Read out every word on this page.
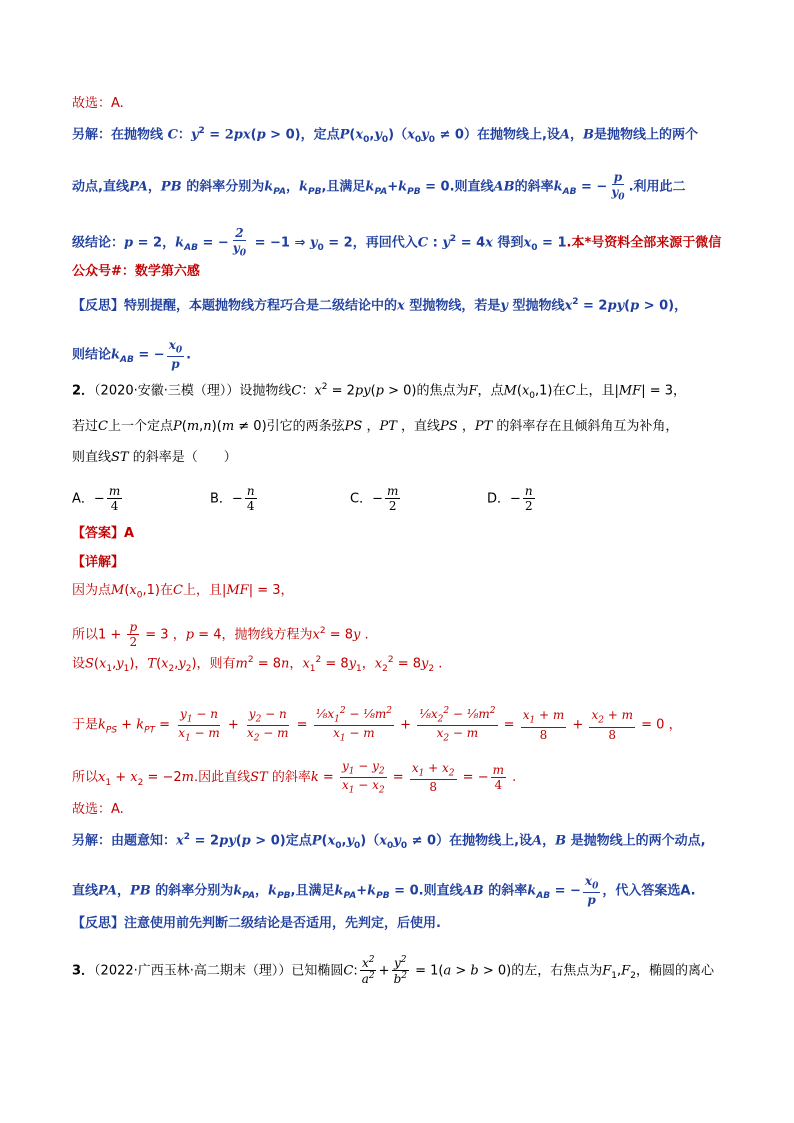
故选：A.
另解：在抛物线 C：$y^2 = 2px(p > 0)$，定点$P(x_0,y_0)(x_0y_0 \ne 0)$在抛物线上,设A，B是抛物线上的两个
动点,直线PA，PB 的斜率分别为$k_{PA}$，$k_{PB}$,且满足$k_{PA}+k_{PB} = 0$.则直线AB的斜率$k_{AB}$ = − $\frac{p}{y_0}$ .利用此二
级结论：p = 2，$k_{AB}$ = − $\frac{2}{y_0} = -1$ ⇒ $y_0 = 2$，再回代入C : $y^2 = 4x$ 得到$x_0 = 1$.本*号资料全部来源于微信
公众号#：数学第六感
【反思】特别提醒，本题抛物线方程巧合是二级结论中的x 型抛物线，若是y 型抛物线$x^2 = 2py(p > 0)$，
则结论$k_{AB}$ = − $\frac{x_0}{p}$ .
2．（2020·安徽·三模（理））设抛物线C：$x^2 = 2py(p > 0)$的焦点为F，点$M(x_0,1)$在C上，且|MF| = 3，
若过C上一个定点P(m,n)(m ≠ 0)引它的两条弦PS ，PT ，直线PS ，PT 的斜率存在且倾斜角互为补角，
则直线ST 的斜率是（　　）
A．− $\frac{m}{4}$	B．− $\frac{n}{4}$	C．− $\frac{m}{2}$	D．− $\frac{n}{2}$
【答案】A
【详解】
因为点$M(x_0,1)$在C上，且|MF| = 3，
所以$1 + \frac{p}{2} = 3$ ，p = 4，抛物线方程为$x^2 = 8y$ .
设$S(x_1,y_1)$，$T(x_2,y_2)$，则有$m^2 = 8n$，$x_1^2 = 8y_1$，$x_2^2 = 8y_2$ .
于是$k_{PS} + k_{PT} = \frac{y_1 - n}{x_1 - m} + \frac{y_2 - n}{x_2 - m} = \frac{\frac{1}{8}x_1^2 - \frac{1}{8}m^2}{x_1 - m} + \frac{\frac{1}{8}x_2^2 - \frac{1}{8}m^2}{x_2 - m} = \frac{x_1 + m}{8} + \frac{x_2 + m}{8} = 0$ ，
所以$x_1 + x_2 = -2m$.因此直线ST 的斜率$k = \frac{y_1 - y_2}{x_1 - x_2} = \frac{x_1 + x_2}{8}$ = − $\frac{m}{4}$ .
故选：A.
另解：由题意知：$x^2 = 2py(p > 0)$定点$P(x_0,y_0)(x_0y_0 \ne 0)$在抛物线上,设A，B 是抛物线上的两个动点,
直线PA，PB 的斜率分别为$k_{PA}$，$k_{PB}$,且满足$k_{PA}+k_{PB} = 0$.则直线AB 的斜率$k_{AB}$ = − $\frac{x_0}{p}$ ，代入答案选A.
【反思】注意使用前先判断二级结论是否适用，先判定，后使用.
3．（2022·广西玉林·高二期末（理））已知椭圆C: $\frac{x^2}{a^2} + \frac{y^2}{b^2} = 1(a > b > 0)$的左，右焦点为$F_1,F_2$，椭圆的离心
